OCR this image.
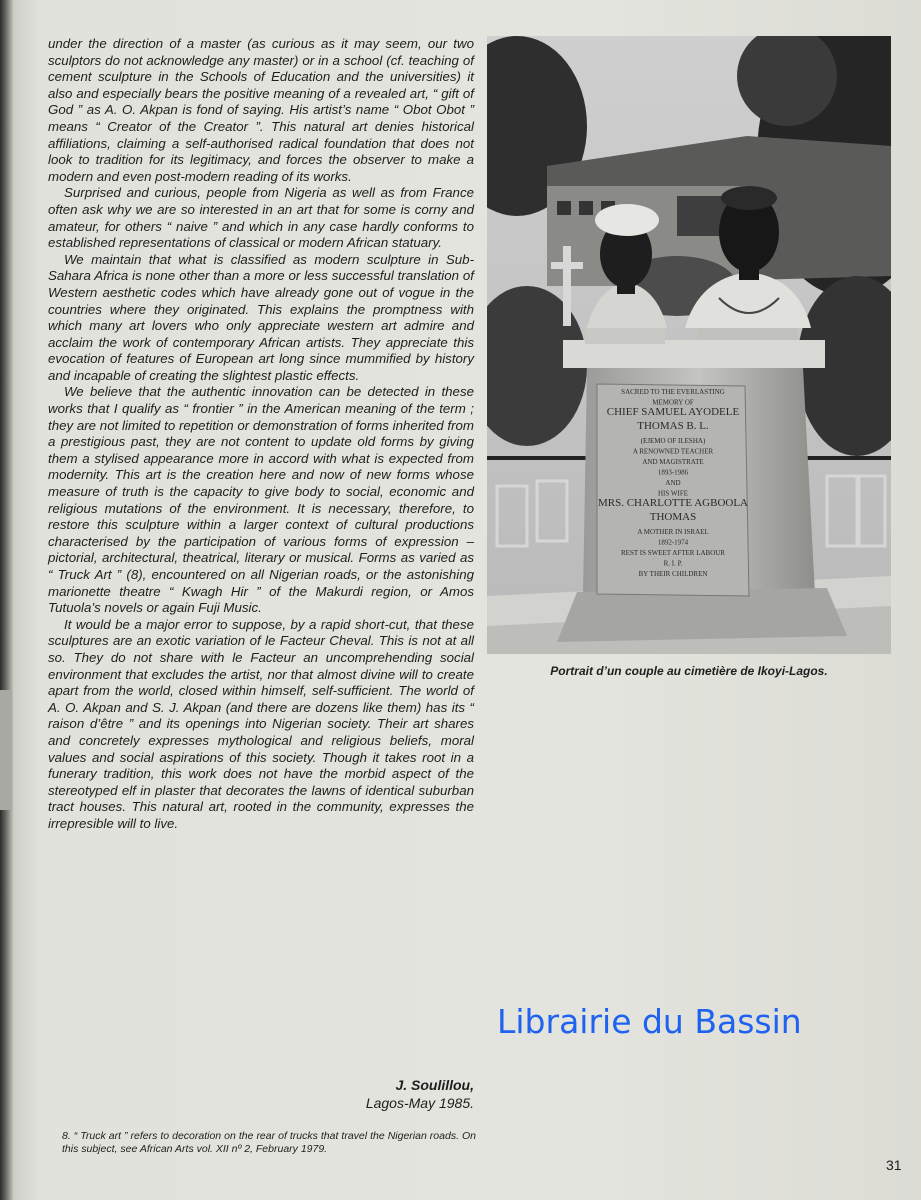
under the direction of a master (as curious as it may seem, our two sculptors do not acknowledge any master) or in a school (cf. teaching of cement sculpture in the Schools of Education and the universities) it also and especially bears the positive meaning of a revealed art, “ gift of God ” as A. O. Akpan is fond of saying. His artist’s name “ Obot Obot ” means “ Creator of the Creator ”. This natural art denies historical affiliations, claiming a self-authorised radical foundation that does not look to tradition for its legitimacy, and forces the observer to make a modern and even post-modern reading of its works.

Surprised and curious, people from Nigeria as well as from France often ask why we are so interested in an art that for some is corny and amateur, for others “ naive ” and which in any case hardly conforms to established representations of classical or modern African statuary.

We maintain that what is classified as modern sculpture in Sub-Sahara Africa is none other than a more or less successful translation of Western aesthetic codes which have already gone out of vogue in the countries where they originated. This explains the promptness with which many art lovers who only appreciate western art admire and acclaim the work of contemporary African artists. They appreciate this evocation of features of European art long since mummified by history and incapable of creating the slightest plastic effects.

We believe that the authentic innovation can be detected in these works that I qualify as “ frontier ” in the American meaning of the term ; they are not limited to repetition or demonstration of forms inherited from a prestigious past, they are not content to update old forms by giving them a stylised appearance more in accord with what is expected from modernity. This art is the creation here and now of new forms whose measure of truth is the capacity to give body to social, economic and religious mutations of the environment. It is necessary, therefore, to restore this sculpture within a larger context of cultural productions characterised by the participation of various forms of expression – pictorial, architectural, theatrical, literary or musical. Forms as varied as “ Truck Art ” (8), encountered on all Nigerian roads, or the astonishing marionette theatre “ Kwagh Hir ” of the Makurdi region, or Amos Tutuola’s novels or again Fuji Music.

It would be a major error to suppose, by a rapid short-cut, that these sculptures are an exotic variation of le Facteur Cheval. This is not at all so. They do not share with le Facteur an uncomprehending social environment that excludes the artist, nor that almost divine will to create apart from the world, closed within himself, self-sufficient. The world of A. O. Akpan and S. J. Akpan (and there are dozens like them) has its “ raison d’être ” and its openings into Nigerian society. Their art shares and concretely expresses mythological and religious beliefs, moral values and social aspirations of this society. Though it takes root in a funerary tradition, this work does not have the morbid aspect of the stereotyped elf in plaster that decorates the lawns of identical suburban tract houses. This natural art, rooted in the community, expresses the irrepresible will to live.

J. Soulillou,
Lagos-May 1985.
8. “ Truck art ” refers to decoration on the rear of trucks that travel the Nigerian roads. On this subject, see African Arts vol. XII nº 2, February 1979.
SACRED TO THE EVERLASTING
MEMORY OF
CHIEF SAMUEL AYODELE
THOMAS B. L.
(EJEMO OF ILESHA)
A RENOWNED TEACHER
AND MAGISTRATE
1893-1986
AND
HIS WIFE
MRS. CHARLOTTE AGBOOLA
THOMAS
A MOTHER IN ISRAEL
1892-1974
REST IS SWEET AFTER LABOUR
R. I. P.
BY THEIR CHILDREN
Portrait d’un couple au cimetière de Ikoyi-Lagos.
Librairie du Bassin
31
